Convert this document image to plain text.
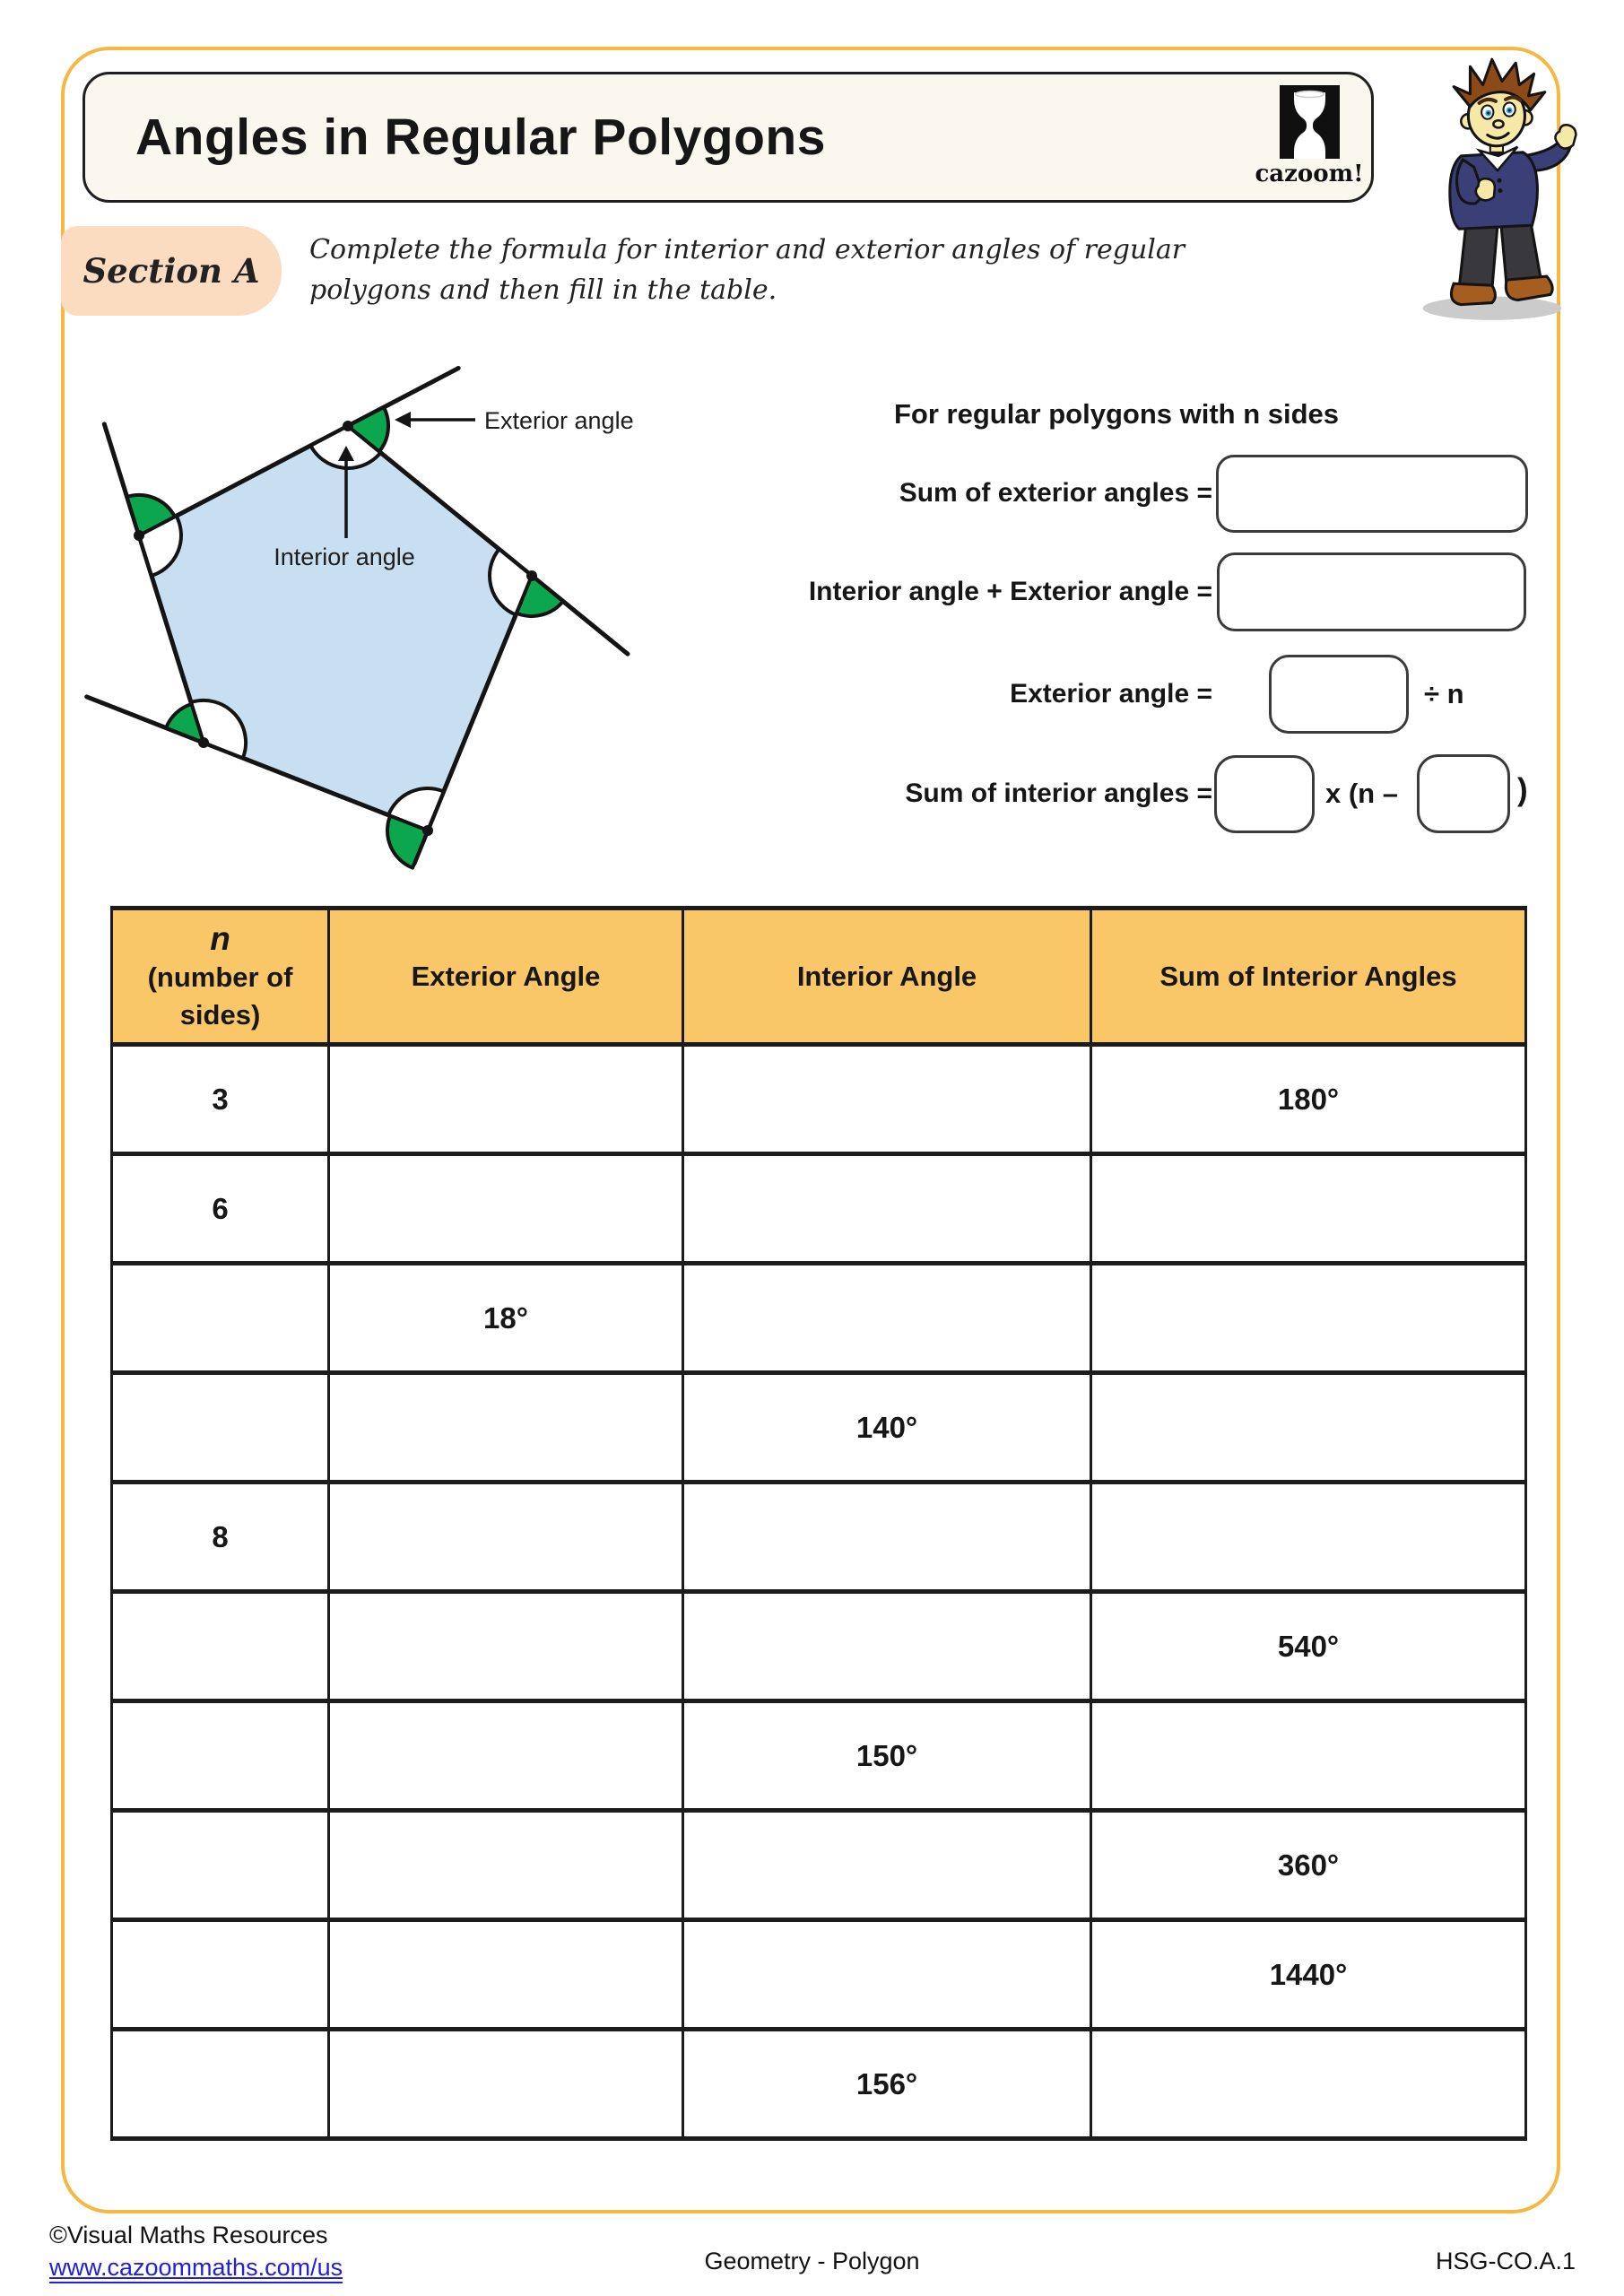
Angles in Regular Polygons
cazoom!
Section A
Complete the formula for interior and exterior angles of regular
polygons and then fill in the table.
Exterior angle
Interior angle
For regular polygons with n sides
Sum of exterior angles =
Interior angle + Exterior angle =
Exterior angle =	÷ n
Sum of interior angles =	x (n –	)
n
(number of
sides)	Exterior Angle	Interior Angle	Sum of Interior Angles
3			180°
6			
	18°		
		140°	
8			
			540°
		150°	
			360°
			1440°
		156°	
©Visual Maths Resources
www.cazoommaths.com/us	Geometry - Polygon	HSG-CO.A.1
